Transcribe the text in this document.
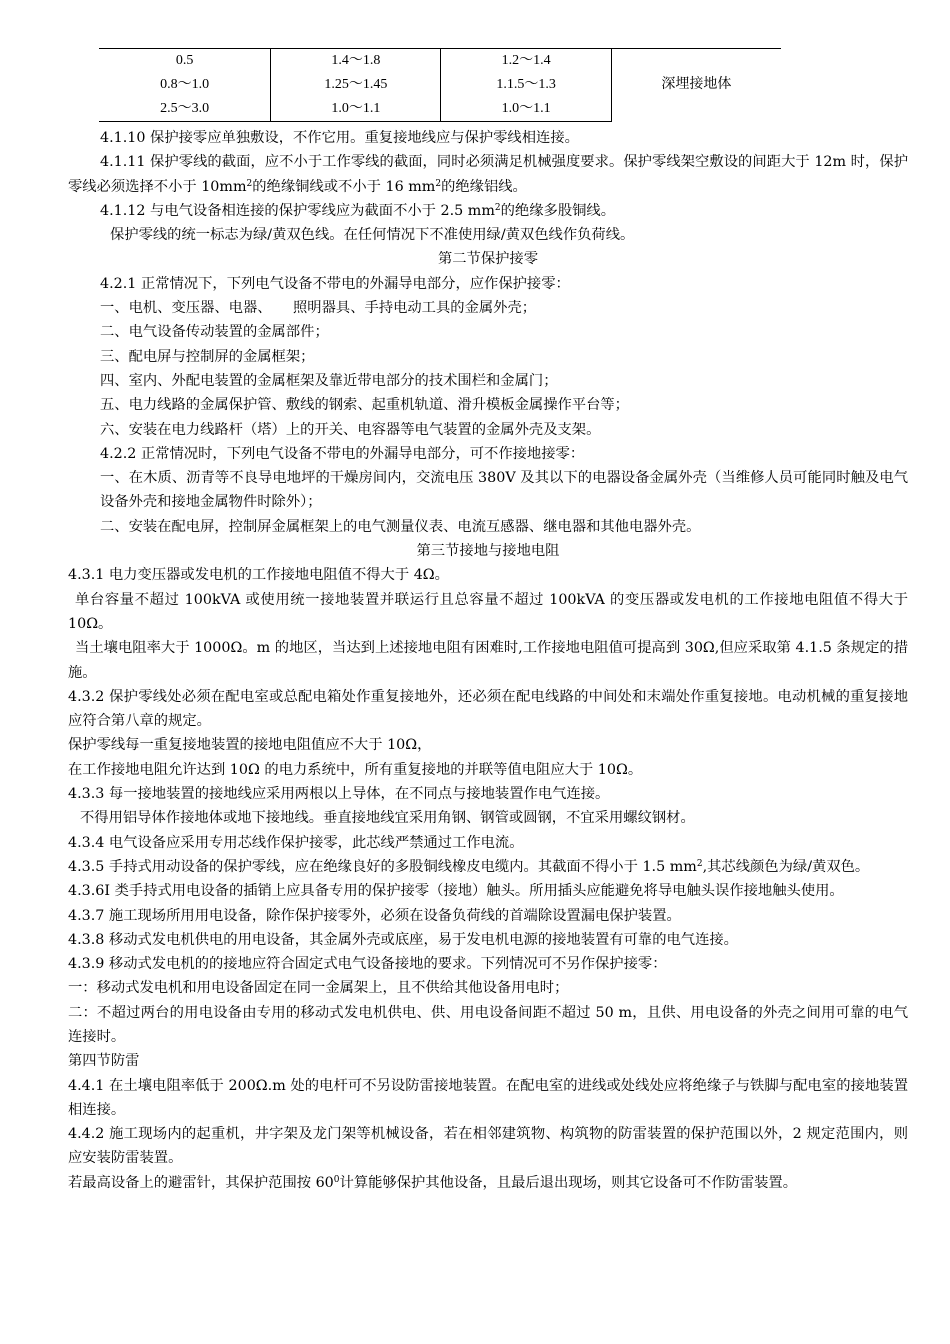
0.5	1.4～1.8	1.2～1.4	深埋接地体
0.8～1.0	1.25～1.45	1.1.5～1.3	
2.5～3.0	1.0～1.1	1.0～1.1	

4.1.10 保护接零应单独敷设，不作它用。重复接地线应与保护零线相连接。

4.1.11 保护零线的截面，应不小于工作零线的截面，同时必须满足机械强度要求。保护零线架空敷设的间距大于 12m 时，保护零线必须选择不小于 $10mm^2$的绝缘铜线或不小于 16 $mm^2$的绝缘铝线。

4.1.12 与电气设备相连接的保护零线应为截面不小于 2.5 $mm^2$的绝缘多股铜线。

保护零线的统一标志为绿/黄双色线。在任何情况下不准使用绿/黄双色线作负荷线。

第二节保护接零

4.2.1 正常情况下，下列电气设备不带电的外漏导电部分，应作保护接零：

一、电机、变压器、电器、　　照明器具、手持电动工具的金属外壳；

二、电气设备传动装置的金属部件；

三、配电屏与控制屏的金属框架；

四、室内、外配电装置的金属框架及靠近带电部分的技术围栏和金属门；

五、电力线路的金属保护管、敷线的钢索、起重机轨道、滑升模板金属操作平台等；

六、安装在电力线路杆（塔）上的开关、电容器等电气装置的金属外壳及支架。

4.2.2 正常情况时，下列电气设备不带电的外漏导电部分，可不作接地接零：

一、在木质、沥青等不良导电地坪的干燥房间内，交流电压 380V 及其以下的电器设备金属外壳（当维修人员可能同时触及电气设备外壳和接地金属物件时除外）；

二、安装在配电屏，控制屏金属框架上的电气测量仪表、电流互感器、继电器和其他电器外壳。

第三节接地与接地电阻

4.3.1 电力变压器或发电机的工作接地电阻值不得大于 4Ω。

单台容量不超过 100kVA 或使用统一接地装置并联运行且总容量不超过 100kVA 的变压器或发电机的工作接地电阻值不得大于 10Ω。

当土壤电阻率大于 1000Ω。m 的地区，当达到上述接地电阻有困难时,工作接地电阻值可提高到 30Ω,但应采取第 4.1.5 条规定的措施。

4.3.2 保护零线处必须在配电室或总配电箱处作重复接地外，还必须在配电线路的中间处和末端处作重复接地。电动机械的重复接地应符合第八章的规定。

保护零线每一重复接地装置的接地电阻值应不大于 10Ω，

在工作接地电阻允许达到 10Ω 的电力系统中，所有重复接地的并联等值电阻应大于 10Ω。

4.3.3 每一接地装置的接地线应采用两根以上导体，在不同点与接地装置作电气连接。

不得用铝导体作接地体或地下接地线。垂直接地线宜采用角钢、钢管或圆钢，不宜采用螺纹钢材。

4.3.4 电气设备应采用专用芯线作保护接零，此芯线严禁通过工作电流。

4.3.5 手持式用动设备的保护零线，应在绝缘良好的多股铜线橡皮电缆内。其截面不得小于 1.5 $mm^2$,其芯线颜色为绿/黄双色。

4.3.6I 类手持式用电设备的插销上应具备专用的保护接零（接地）触头。所用插头应能避免将导电触头误作接地触头使用。

4.3.7 施工现场所用用电设备，除作保护接零外，必须在设备负荷线的首端除设置漏电保护装置。

4.3.8 移动式发电机供电的用电设备，其金属外壳或底座，易于发电机电源的接地装置有可靠的电气连接。

4.3.9 移动式发电机的的接地应符合固定式电气设备接地的要求。下列情况可不另作保护接零：

一：移动式发电机和用电设备固定在同一金属架上，且不供给其他设备用电时；

二：不超过两台的用电设备由专用的移动式发电机供电、供、用电设备间距不超过 50 m，且供、用电设备的外壳之间用可靠的电气连接时。

第四节防雷

4.4.1 在土壤电阻率低于 200Ω.m 处的电杆可不另设防雷接地装置。在配电室的进线或处线处应将绝缘子与铁脚与配电室的接地装置相连接。

4.4.2 施工现场内的起重机，井字架及龙门架等机械设备，若在相邻建筑物、构筑物的防雷装置的保护范围以外，2 规定范围内，则应安装防雷装置。

若最高设备上的避雷针，其保护范围按 $60^0$计算能够保护其他设备，且最后退出现场，则其它设备可不作防雷装置。
